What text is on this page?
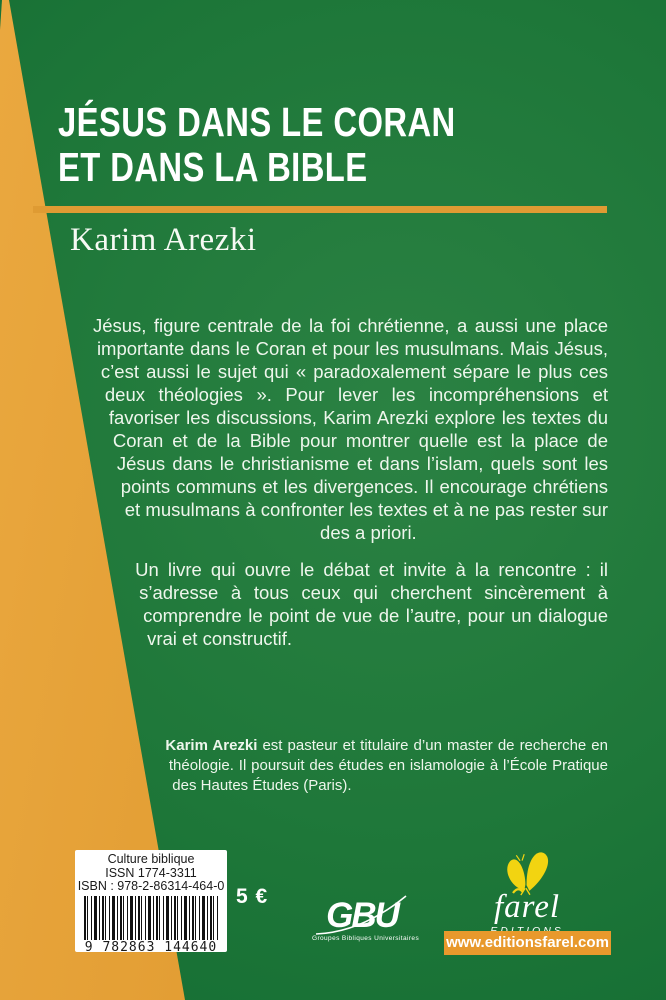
JÉSUS DANS LE CORAN
ET DANS LA BIBLE
Karim Arezki

Jésus, figure centrale de la foi chrétienne, a aussi une place importante dans le Coran et pour les musulmans. Mais Jésus, c’est aussi le sujet qui « paradoxalement sépare le plus ces deux théologies ». Pour lever les incompréhensions et favoriser les discussions, Karim Arezki explore les textes du Coran et de la Bible pour montrer quelle est la place de Jésus dans le christianisme et dans l’islam, quels sont les points communs et les divergences. Il encourage chrétiens et musulmans à confronter les textes et à ne pas rester sur des a priori.

Un livre qui ouvre le débat et invite à la rencontre : il s’adresse à tous ceux qui cherchent sincèrement à comprendre le point de vue de l’autre, pour un dialogue vrai et constructif.

Karim Arezki est pasteur et titulaire d’un master de recherche en théologie. Il poursuit des études en islamologie à l’École Pratique des Hautes Études (Paris).

Culture biblique
ISSN 1774-3311
ISBN : 978-2-86314-464-0
9 782863 144640
5 €	GBU
Groupes Bibliques Universitaires
farel
www.editionsfarel.com
